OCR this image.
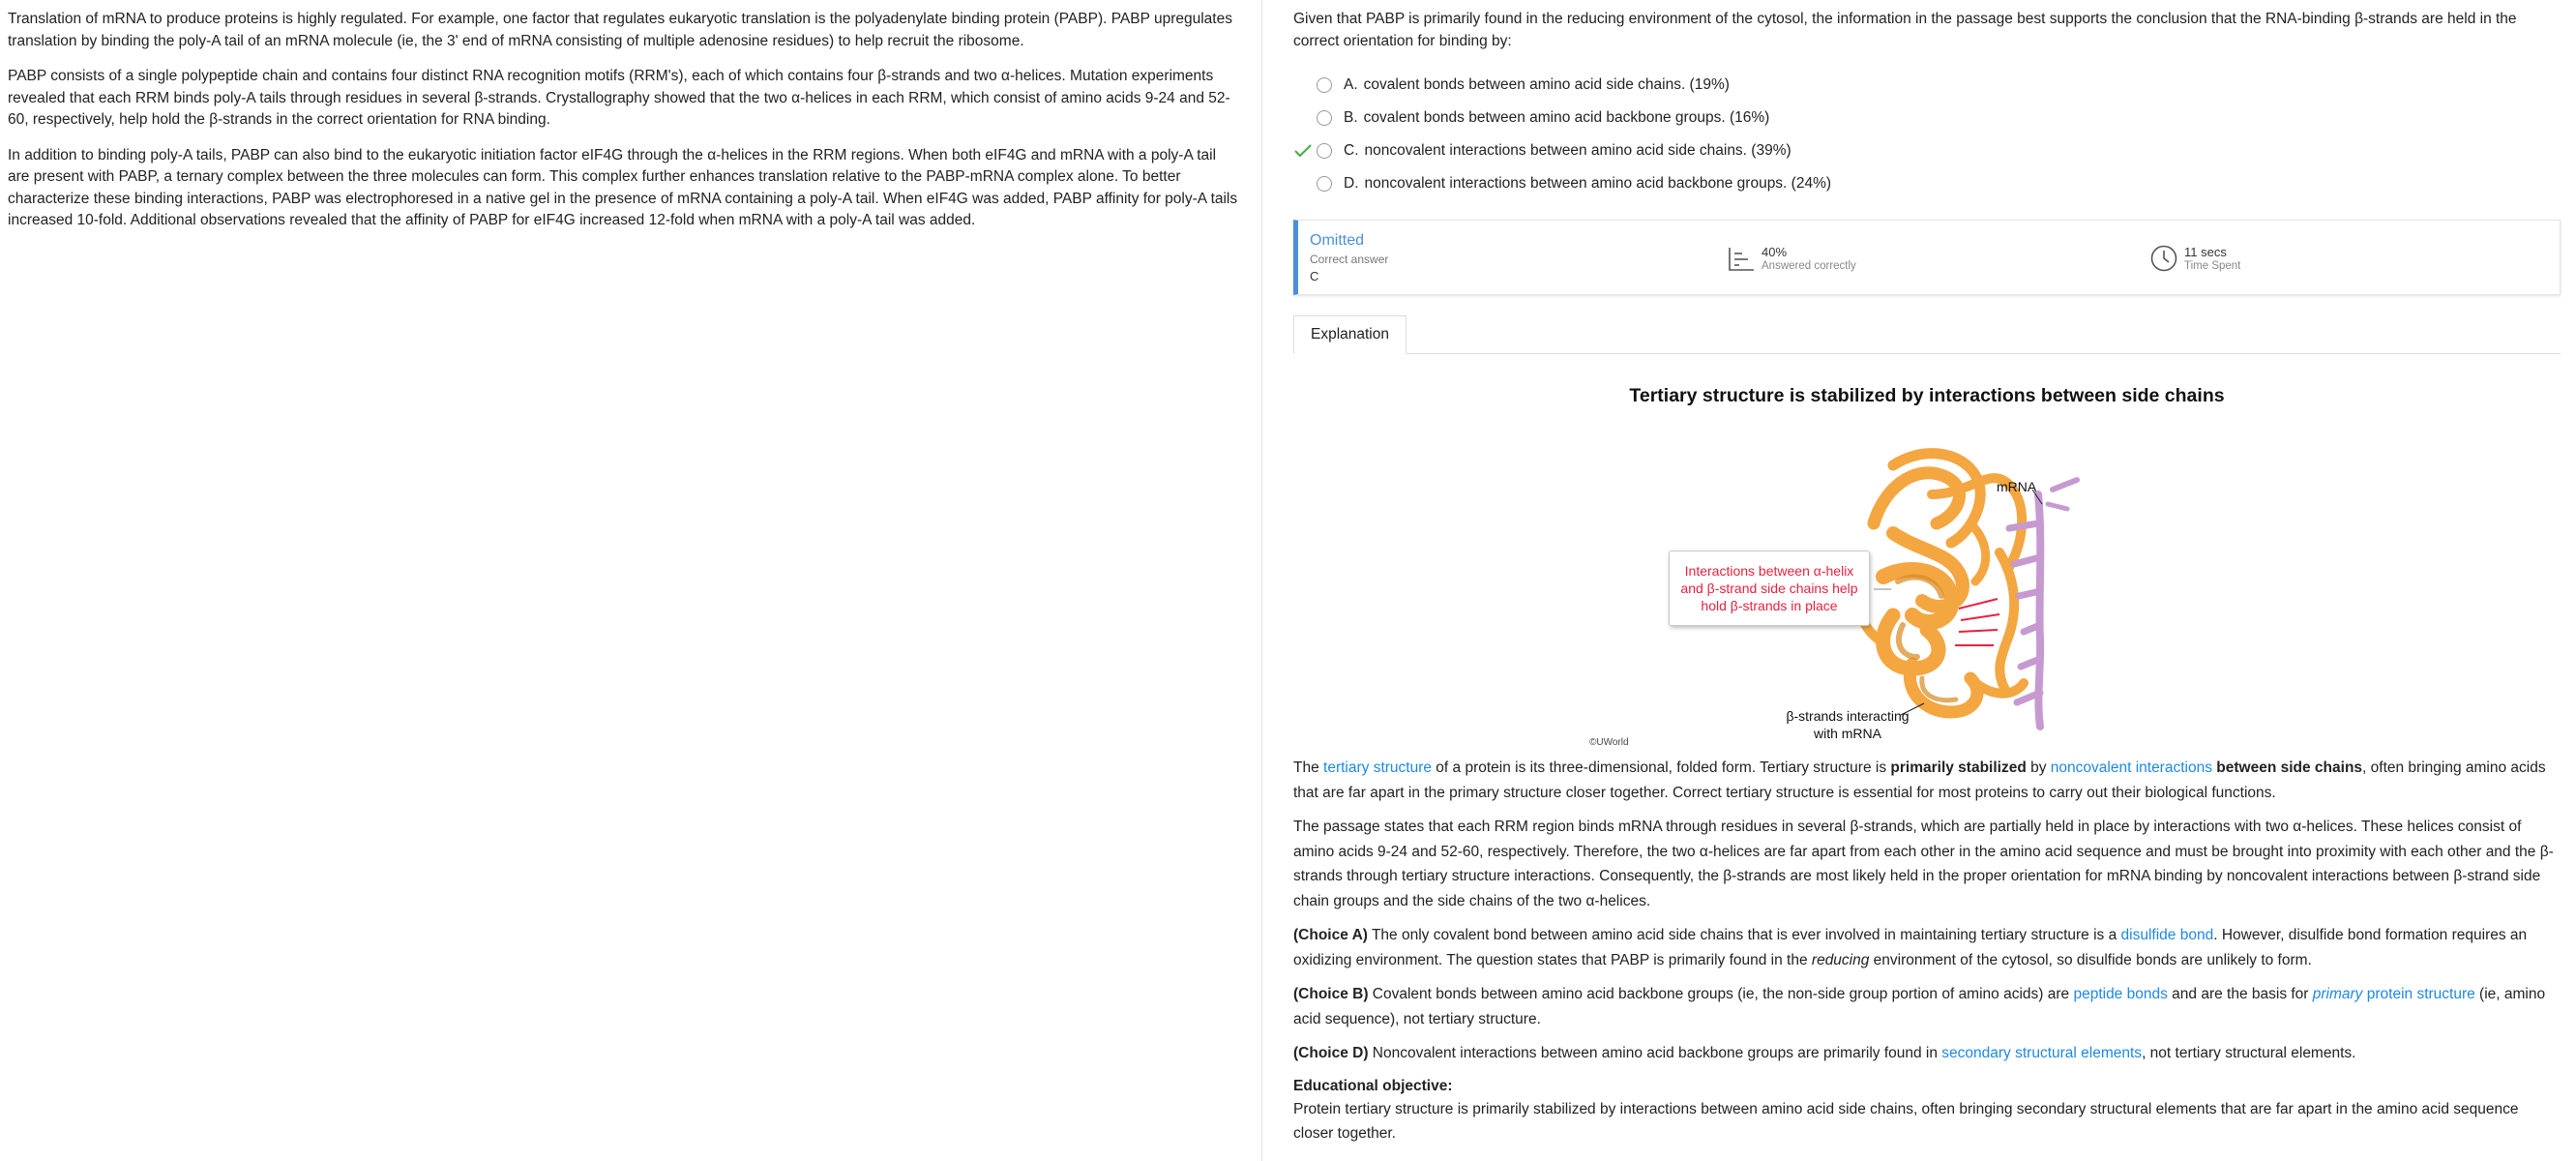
Translation of mRNA to produce proteins is highly regulated. For example, one factor that regulates eukaryotic translation is the polyadenylate binding protein (PABP). PABP upregulates translation by binding the poly-A tail of an mRNA molecule (ie, the 3' end of mRNA consisting of multiple adenosine residues) to help recruit the ribosome.

PABP consists of a single polypeptide chain and contains four distinct RNA recognition motifs (RRM's), each of which contains four β-strands and two α-helices. Mutation experiments revealed that each RRM binds poly-A tails through residues in several β-strands. Crystallography showed that the two α-helices in each RRM, which consist of amino acids 9-24 and 52-60, respectively, help hold the β-strands in the correct orientation for RNA binding.

In addition to binding poly-A tails, PABP can also bind to the eukaryotic initiation factor eIF4G through the α-helices in the RRM regions. When both eIF4G and mRNA with a poly-A tail are present with PABP, a ternary complex between the three molecules can form. This complex further enhances translation relative to the PABP-mRNA complex alone. To better characterize these binding interactions, PABP was electrophoresed in a native gel in the presence of mRNA containing a poly-A tail. When eIF4G was added, PABP affinity for poly-A tails increased 10-fold. Additional observations revealed that the affinity of PABP for eIF4G increased 12-fold when mRNA with a poly-A tail was added.

Given that PABP is primarily found in the reducing environment of the cytosol, the information in the passage best supports the conclusion that the RNA-binding β-strands are held in the correct orientation for binding by:
A. covalent bonds between amino acid side chains. (19%)
B. covalent bonds between amino acid backbone groups. (16%)
C. noncovalent interactions between amino acid side chains. (39%)
D. noncovalent interactions between amino acid backbone groups. (24%)
Omitted
Correct answer
C
40%
Answered correctly
11 secs
Time Spent
Explanation
Tertiary structure is stabilized by interactions between side chains
Interactions between α-helix and β-strand side chains help hold β-strands in place
mRNA
β-strands interacting
with mRNA
©UWorld

The tertiary structure of a protein is its three-dimensional, folded form. Tertiary structure is primarily stabilized by noncovalent interactions between side chains, often bringing amino acids that are far apart in the primary structure closer together. Correct tertiary structure is essential for most proteins to carry out their biological functions.

The passage states that each RRM region binds mRNA through residues in several β-strands, which are partially held in place by interactions with two α-helices. These helices consist of amino acids 9-24 and 52-60, respectively. Therefore, the two α-helices are far apart from each other in the amino acid sequence and must be brought into proximity with each other and the β-strands through tertiary structure interactions. Consequently, the β-strands are most likely held in the proper orientation for mRNA binding by noncovalent interactions between β-strand side chain groups and the side chains of the two α-helices.

(Choice A) The only covalent bond between amino acid side chains that is ever involved in maintaining tertiary structure is a disulfide bond. However, disulfide bond formation requires an oxidizing environment. The question states that PABP is primarily found in the reducing environment of the cytosol, so disulfide bonds are unlikely to form.

(Choice B) Covalent bonds between amino acid backbone groups (ie, the non-side group portion of amino acids) are peptide bonds and are the basis for primary protein structure (ie, amino acid sequence), not tertiary structure.

(Choice D) Noncovalent interactions between amino acid backbone groups are primarily found in secondary structural elements, not tertiary structural elements.

Educational objective:

Protein tertiary structure is primarily stabilized by interactions between amino acid side chains, often bringing secondary structural elements that are far apart in the amino acid sequence closer together.
